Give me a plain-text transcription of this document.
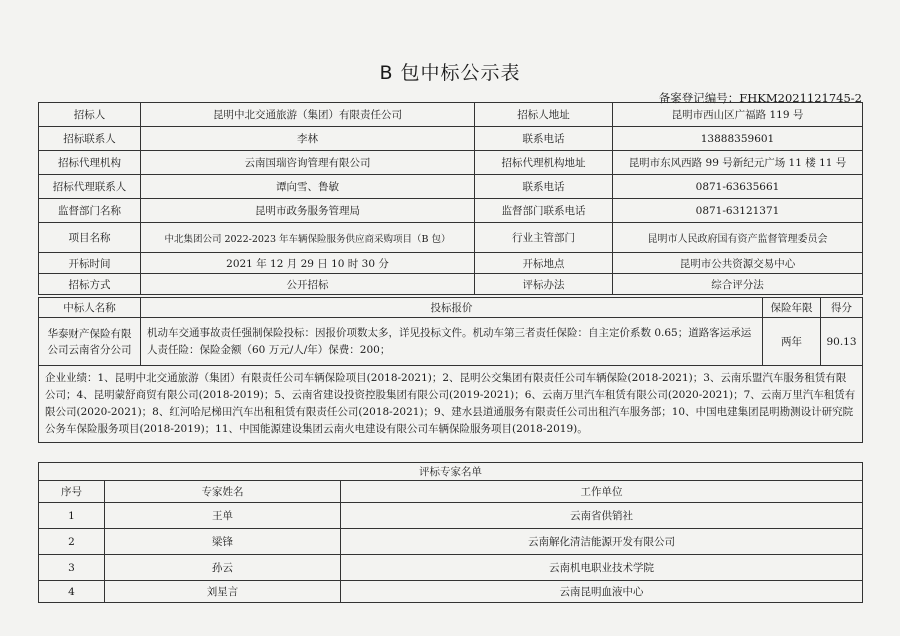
B 包中标公示表
备案登记编号：FHKM2021121745-2
招标人	昆明中北交通旅游（集团）有限责任公司	招标人地址	昆明市西山区广福路 119 号
招标联系人	李林	联系电话	13888359601
招标代理机构	云南国瑞咨询管理有限公司	招标代理机构地址	昆明市东风西路 99 号新纪元广场 11 楼 11 号
招标代理联系人	谭向雪、鲁敏	联系电话	0871-63635661
监督部门名称	昆明市政务服务管理局	监督部门联系电话	0871-63121371
项目名称	中北集团公司 2022-2023 年车辆保险服务供应商采购项目（B 包）	行业主管部门	昆明市人民政府国有资产监督管理委员会
开标时间	2021 年 12 月 29 日 10 时 30 分	开标地点	昆明市公共资源交易中心
招标方式	公开招标	评标办法	综合评分法
中标人名称	投标报价	保险年限	得分
华泰财产保险有限公司云南省分公司	机动车交通事故责任强制保险投标：因报价项数太多，详见投标文件。机动车第三者责任保险：自主定价系数 0.65；道路客运承运人责任险：保险金额（60 万元/人/年）保费：200；	两年	90.13
企业业绩：1、昆明中北交通旅游（集团）有限责任公司车辆保险项目(2018-2021)；2、昆明公交集团有限责任公司车辆保险(2018-2021)；3、云南乐盟汽车服务租赁有限公司；4、昆明蒙舒商贸有限公司(2018-2019)；5、云南省建设投资控股集团有限公司(2019-2021)；6、云南万里汽车租赁有限公司(2020-2021)；7、云南万里汽车租赁有限公司(2020-2021)；8、红河哈尼梯田汽车出租租赁有限责任公司(2018-2021)；9、建水县道通服务有限责任公司出租汽车服务部；10、中国电建集团昆明勘测设计研究院公务车保险服务项目(2018-2019)；11、中国能源建设集团云南火电建设有限公司车辆保险服务项目(2018-2019)。			
评标专家名单		
序号	专家姓名	工作单位
1	王单	云南省供销社
2	梁锋	云南解化清洁能源开发有限公司
3	孙云	云南机电职业技术学院
4	刘星言	云南昆明血液中心
